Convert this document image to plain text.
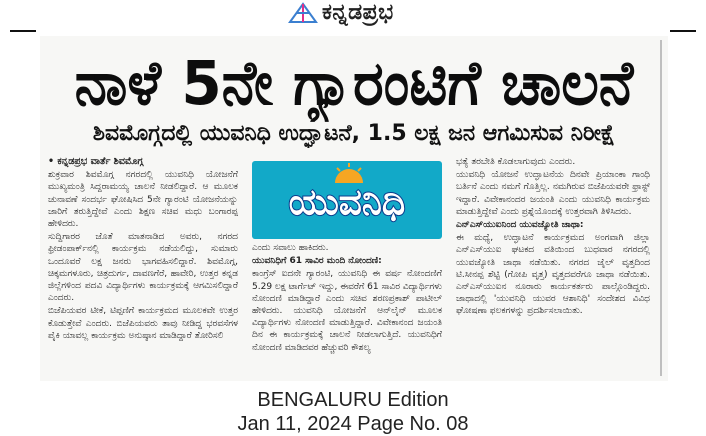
ಕನ್ನಡಪ್ರಭ
ನಾಳೆ 5ನೇ ಗ್ಯಾರಂಟಿಗೆ ಚಾಲನೆ
ಶಿವಮೊಗ್ಗದಲ್ಲಿ ಯುವನಿಧಿ ಉದ್ಘಾಟನೆ, 1.5 ಲಕ್ಷ ಜನ ಆಗಮಿಸುವ ನಿರೀಕ್ಷೆ

• ಕನ್ನಡಪ್ರಭ ವಾರ್ತೆ ಶಿವಮೊಗ್ಗ

ಶುಕ್ರವಾರ ಶಿವಮೊಗ್ಗ ನಗರದಲ್ಲಿ ಯುವನಿಧಿ ಯೋಜನೆಗೆ ಮುಖ್ಯಮಂತ್ರಿ ಸಿದ್ದರಾಮಯ್ಯ ಚಾಲನೆ ನೀಡಲಿದ್ದಾರೆ. ಆ ಮೂಲಕ ಚುನಾವಣೆ ಸಂದರ್ಭ ಘೋಷಿಸಿದ 5ನೇ ಗ್ಯಾರಂಟಿ ಯೋಜನೆಯನ್ನು ಜಾರಿಗೆ ತರುತ್ತಿದ್ದೇವೆ ಎಂದು ಶಿಕ್ಷಣ ಸಚಿವ ಮಧು ಬಂಗಾರಪ್ಪ ಹೇಳಿದರು.

ಸುದ್ದಿಗಾರರ ಜೊತೆ ಮಾತನಾಡಿದ ಅವರು, ನಗರದ ಫ್ರೀಡಂಪಾರ್ಕ್‌ನಲ್ಲಿ ಕಾರ್ಯಕ್ರಮ ನಡೆಯಲಿದ್ದು, ಸುಮಾರು ಒಂದೂವರೆ ಲಕ್ಷ ಜನರು ಭಾಗವಹಿಸಲಿದ್ದಾರೆ. ಶಿವಮೊಗ್ಗ, ಚಿಕ್ಕಮಗಳೂರು, ಚಿತ್ರದುರ್ಗ, ದಾವಣಗೆರೆ, ಹಾವೇರಿ, ಉತ್ತರ ಕನ್ನಡ ಜಿಲ್ಲೆಗಳಿಂದ ಪದವಿ ವಿದ್ಯಾರ್ಥಿಗಳು ಕಾರ್ಯಕ್ರಮಕ್ಕೆ ಆಗಮಿಸಲಿದ್ದಾರೆ ಎಂದರು.

ಬಿಜೆಪಿಯವರ ಟೀಕೆ, ಟಿಪ್ಪಣಿಗೆ ಕಾರ್ಯಕ್ರಮದ ಮೂಲಕವೇ ಉತ್ತರ ಕೊಡುತ್ತೇವೆ ಎಂದರು. ಬಿಜೆಪಿಯವರು ತಾವು ನೀಡಿದ್ದ ಭರವಸೆಗಳ ಪೈಕಿ ಯಾವಲ್ಲ ಕಾರ್ಯಕ್ರಮ ಅನುಷ್ಠಾನ ಮಾಡಿದ್ದಾರೆ ತೋರಿಸಲಿ

ಯುವನಿಧಿ

ಎಂದು ಸವಾಲು ಹಾಕಿದರು.

ಯುವನಿಧಿಗೆ 61 ಸಾವಿರ ಮಂದಿ ನೋಂದಣಿ:

ಕಾಂಗ್ರೆಸ್ ಐದನೇ ಗ್ಯಾರಂಟಿ, ಯುವನಿಧಿ ಈ ವರ್ಷ ನೋಂದಣಿಗೆ 5.29 ಲಕ್ಷ ಟಾರ್ಗೆಟ್ ಇದ್ದು, ಈವರೆಗೆ 61 ಸಾವಿರ ವಿದ್ಯಾರ್ಥಿಗಳು ನೋಂದಣಿ ಮಾಡಿದ್ದಾರೆ ಎಂದು ಸಚಿವ ಶರಣಪ್ರಕಾಶ್ ಪಾಟೀಲ್ ಹೇಳಿದರು. ಯುವನಿಧಿ ಯೋಜನೆಗೆ ಆನ್‌ಲೈನ್ ಮೂಲಕ ವಿದ್ಯಾರ್ಥಿಗಳು ನೋಂದಣಿ ಮಾಡುತ್ತಿದ್ದಾರೆ. ವಿವೇಕಾನಂದ ಜಯಂತಿ ದಿನ ಈ ಕಾರ್ಯಕ್ರಮಕ್ಕೆ ಚಾಲನೆ ನೀಡಲಾಗುತ್ತಿದೆ. ಯುವನಿಧಿಗೆ ನೋಂದಣಿ ಮಾಡಿದವರ ಹೆಚ್ಚುವರಿ ಕೌಶಲ್ಯ

ಭತ್ಯೆ ತರಬೇತಿ ಕೊಡಲಾಗುವುದು ಎಂದರು.

ಯುವನಿಧಿ ಯೋಜನೆ ಉದ್ಘಾಟನೆಯ ದಿನವೇ ಪ್ರಿಯಾಂಕಾ ಗಾಂಧಿ ಬರ್ತಿನೆ ಎಂದು ನಮಗೆ ಗೊತ್ತಿಲ್ಲ. ನಮಗಿರುವ ಬಿಜೆಪಿಯವರೇ ಫ್ರಾಸ್ಟ್ ಇದ್ದಾರೆ. ವಿವೇಕಾನಂದರ ಜಯಂತಿ ಎಂದು ಯುವನಿಧಿ ಕಾರ್ಯಕ್ರಮ ಮಾಡುತ್ತಿದ್ದೇವೆ ಎಂದು ಪ್ರಶ್ನೆಯೊಂದಕ್ಕೆ ಉತ್ತರವಾಗಿ ತಿಳಿಸಿದರು.

ಎನ್‌ಎಸ್‌ಯುಐನಿಂದ ಯುವಜ್ಯೋತಿ ಜಾಥಾ:

ಈ ಮಧ್ಯೆ, ಉದ್ಘಾಟನೆ ಕಾರ್ಯಕ್ರಮದ ಅಂಗವಾಗಿ ಜಿಲ್ಲಾ ಎನ್‌ಎಸ್‌ಯುಐ ಘಟಕದ ವತಿಯಿಂದ ಬುಧವಾರ ನಗರದಲ್ಲಿ ಯುವಜ್ಯೋತಿ ಜಾಥಾ ನಡೆಯಿತು. ನಗರದ ಜೈಲ್ ವೃತ್ತದಿಂದ ಟಿ.ಸೀನಪ್ಪ ಶೆಟ್ಟಿ (ಗೋಪಿ ವೃತ್ತ) ವೃತ್ತದವರೆಗೂ ಜಾಥಾ ನಡೆಯಿತು. ಎನ್‌ಎಸ್‌ಯುಐನ ನೂರಾರು ಕಾರ್ಯಕರ್ತರು ಪಾಲ್ಗೊಂಡಿದ್ದರು. ಜಾಥಾದಲ್ಲಿ 'ಯುವನಿಧಿ ಯುವರ ಆಶಾನಿಧಿ' ಸಂದೇಶದ ವಿವಿಧ ಘೋಷಣಾ ಫಲಕಗಳನ್ನು ಪ್ರದರ್ಶಿಸಲಾಯಿತು.

BENGALURU Edition
Jan 11, 2024 Page No. 08
